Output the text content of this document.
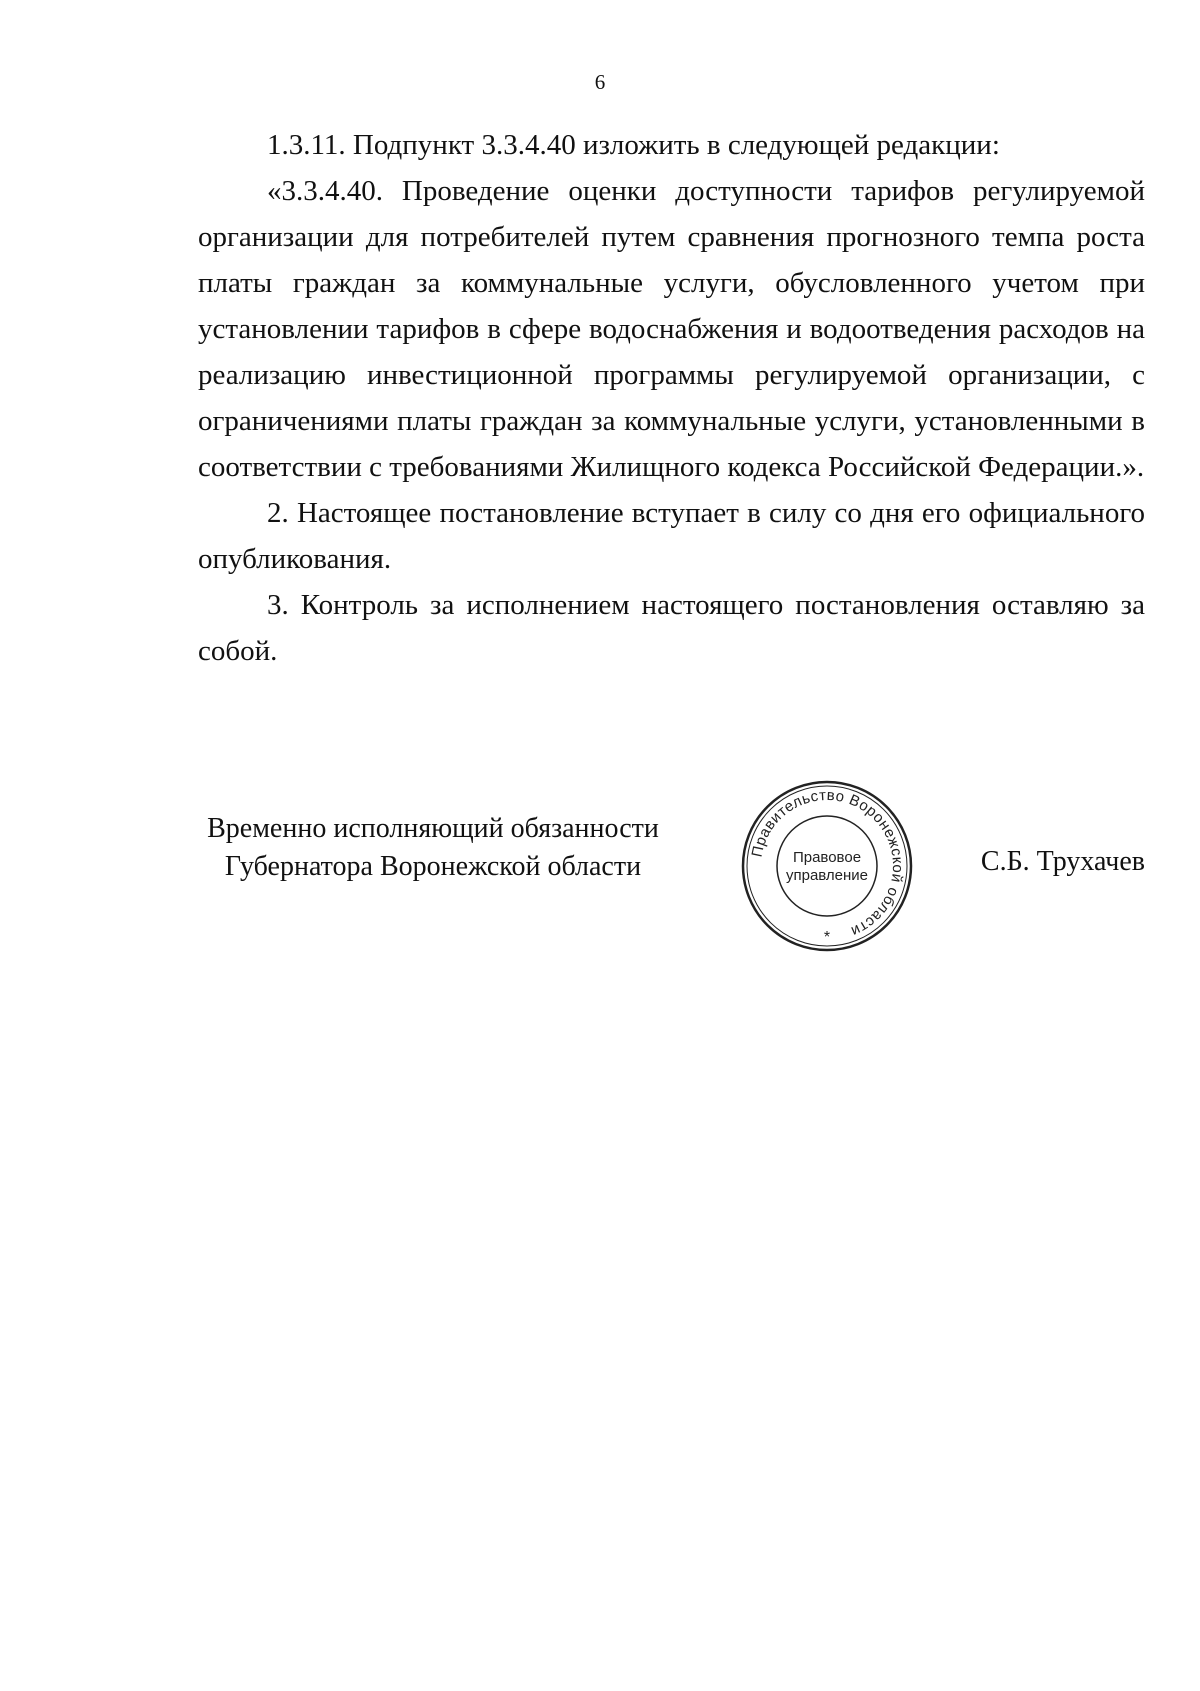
6

1.3.11. Подпункт 3.3.4.40 изложить в следующей редакции:

«3.3.4.40. Проведение оценки доступности тарифов регулируемой организации для потребителей путем сравнения прогнозного темпа роста платы граждан за коммунальные услуги, обусловленного учетом при установлении тарифов в сфере водоснабжения и водоотведения расходов на реализацию инвестиционной программы регулируемой организации, с ограничениями платы граждан за коммунальные услуги, установленными в соответствии с требованиями Жилищного кодекса Российской Федерации.».

2. Настоящее постановление вступает в силу со дня его официального опубликования.

3. Контроль за исполнением настоящего постановления оставляю за собой.

Временно исполняющий обязанности
Губернатора Воронежской области	Правительство Воронежской области
Правовое
управление
*
С.Б. Трухачев
